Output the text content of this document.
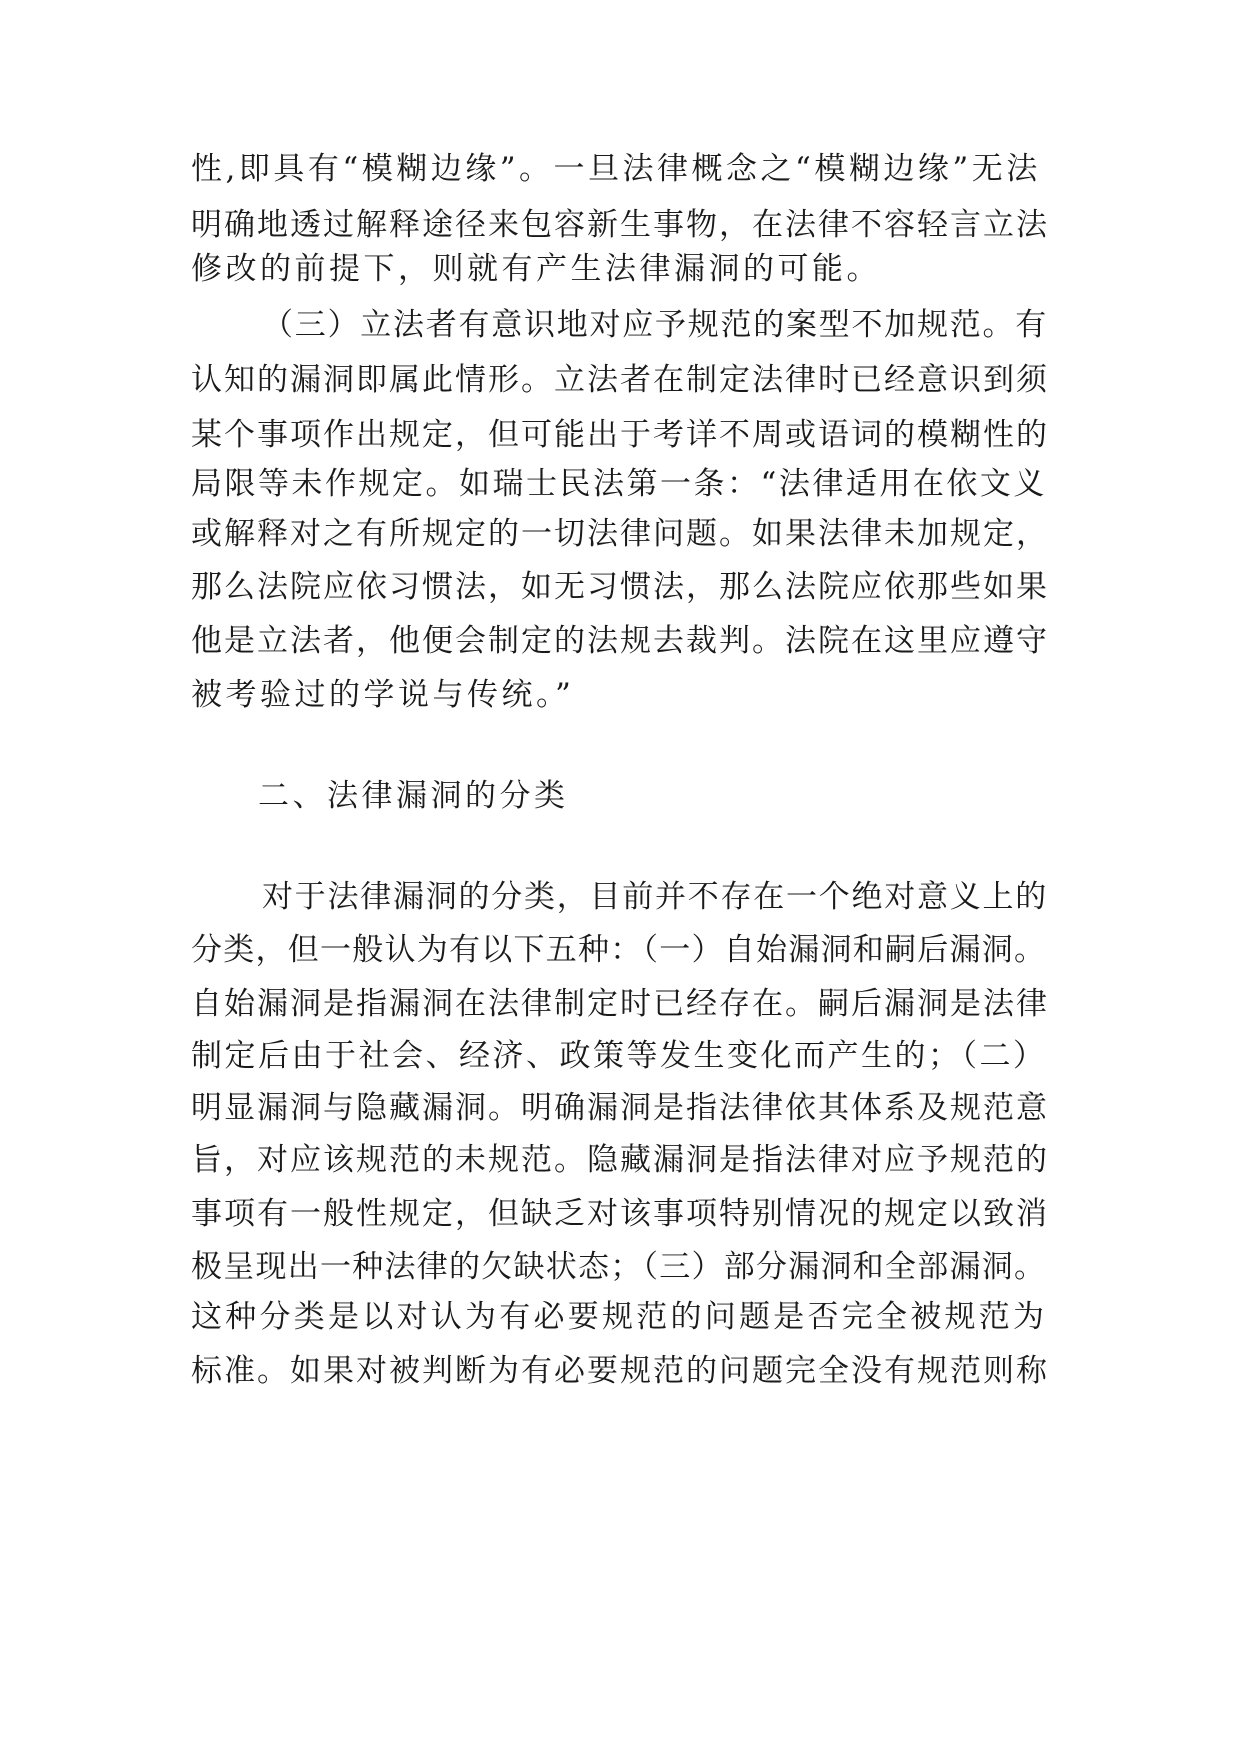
性,即具有“模糊边缘”。一旦法律概念之“模糊边缘”无法
明确地透过解释途径来包容新生事物，在法律不容轻言立法
修改的前提下，则就有产生法律漏洞的可能。
（三）立法者有意识地对应予规范的案型不加规范。有
认知的漏洞即属此情形。立法者在制定法律时已经意识到须
某个事项作出规定，但可能出于考详不周或语词的模糊性的
局限等未作规定。如瑞士民法第一条：“法律适用在依文义
或解释对之有所规定的一切法律问题。如果法律未加规定，
那么法院应依习惯法，如无习惯法，那么法院应依那些如果
他是立法者，他便会制定的法规去裁判。法院在这里应遵守
被考验过的学说与传统。”
二、法律漏洞的分类
对于法律漏洞的分类，目前并不存在一个绝对意义上的
分类，但一般认为有以下五种：（一）自始漏洞和嗣后漏洞。
自始漏洞是指漏洞在法律制定时已经存在。嗣后漏洞是法律
制定后由于社会、经济、政策等发生变化而产生的；（二）
明显漏洞与隐藏漏洞。明确漏洞是指法律依其体系及规范意
旨，对应该规范的未规范。隐藏漏洞是指法律对应予规范的
事项有一般性规定，但缺乏对该事项特别情况的规定以致消
极呈现出一种法律的欠缺状态；（三）部分漏洞和全部漏洞。
这种分类是以对认为有必要规范的问题是否完全被规范为
标准。如果对被判断为有必要规范的问题完全没有规范则称
